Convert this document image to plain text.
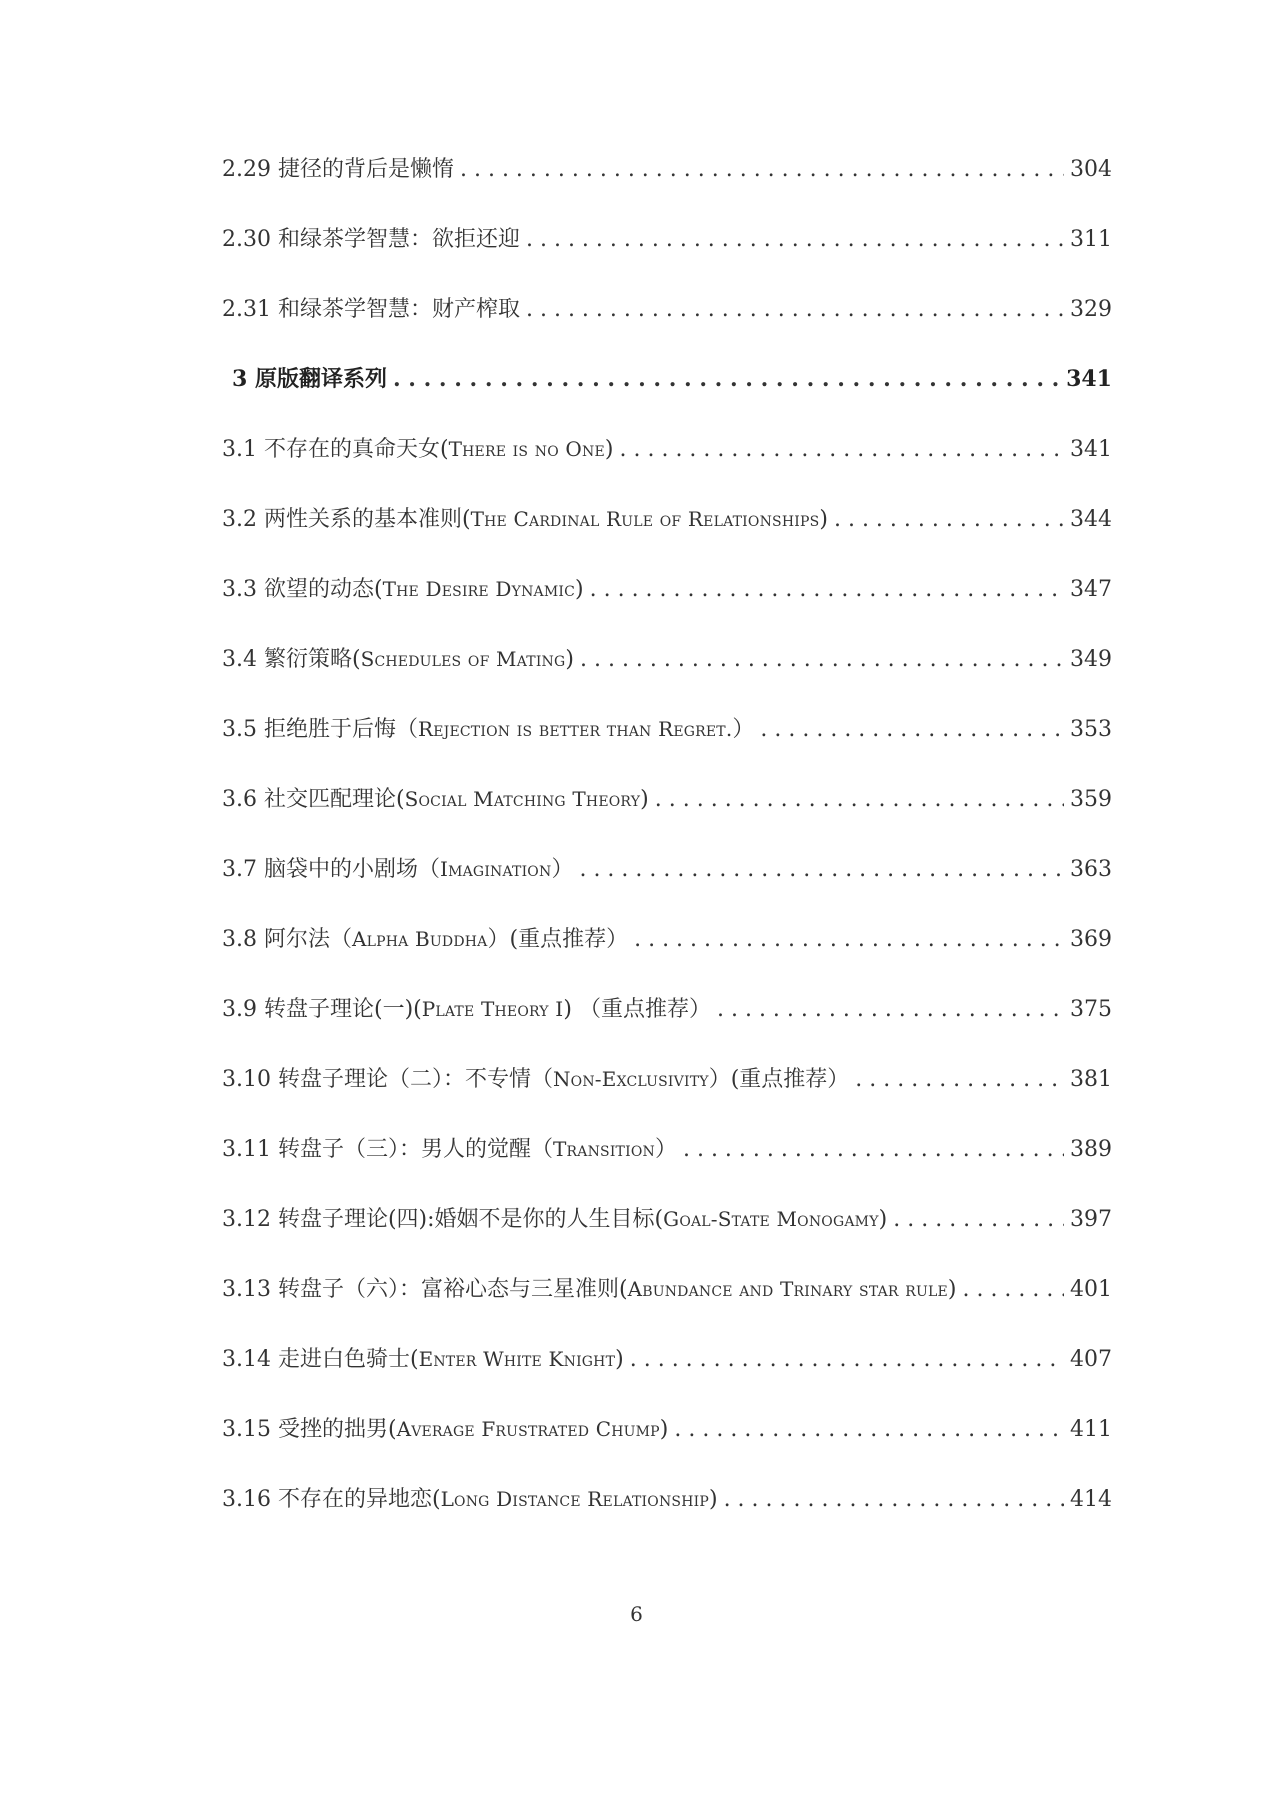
2.29 捷径的背后是懒惰 . . .	304
2.30 和绿茶学智慧：欲拒还迎 . . .	311
2.31 和绿茶学智慧：财产榨取 . . .	329
3 原版翻译系列 . . .	341
3.1 不存在的真命天女(There is no One) . . .	341
3.2 两性关系的基本准则(The Cardinal Rule of Relationships) . . .	344
3.3 欲望的动态(The Desire Dynamic) . . .	347
3.4 繁衍策略(Schedules of Mating) . . .	349
3.5 拒绝胜于后悔（Rejection is better than Regret.） . . .	353
3.6 社交匹配理论(Social Matching Theory) . . .	359
3.7 脑袋中的小剧场（Imagination） . . .	363
3.8 阿尔法（Alpha Buddha）(重点推荐） . . .	369
3.9 转盘子理论(一)(Plate Theory I) （重点推荐） . . .	375
3.10 转盘子理论（二）：不专情（Non-Exclusivity）(重点推荐） . . .	381
3.11 转盘子（三）：男人的觉醒（Transition） . . .	389
3.12 转盘子理论(四):婚姻不是你的人生目标(Goal-State Monogamy) . . .	397
3.13 转盘子（六）：富裕心态与三星准则(Abundance and Trinary star rule) . . .	401
3.14 走进白色骑士(Enter White Knight) . . .	407
3.15 受挫的拙男(Average Frustrated Chump) . . .	411
3.16 不存在的异地恋(Long Distance Relationship) . . .	414
6
